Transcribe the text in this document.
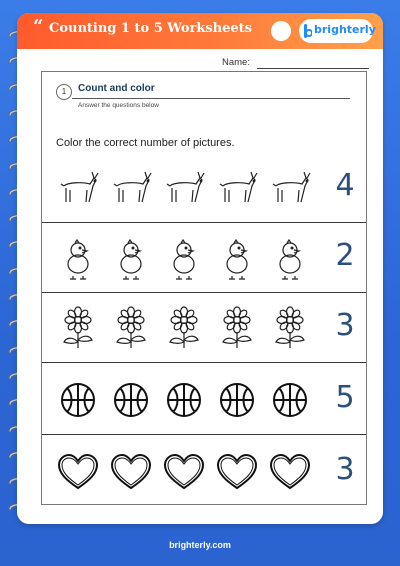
“ Counting 1 to 5 Worksheets	brighterly
Name:
1	Count and color
Answer the questions below
Color the correct number of pictures.
4
2
3
5
3
brighterly.com
